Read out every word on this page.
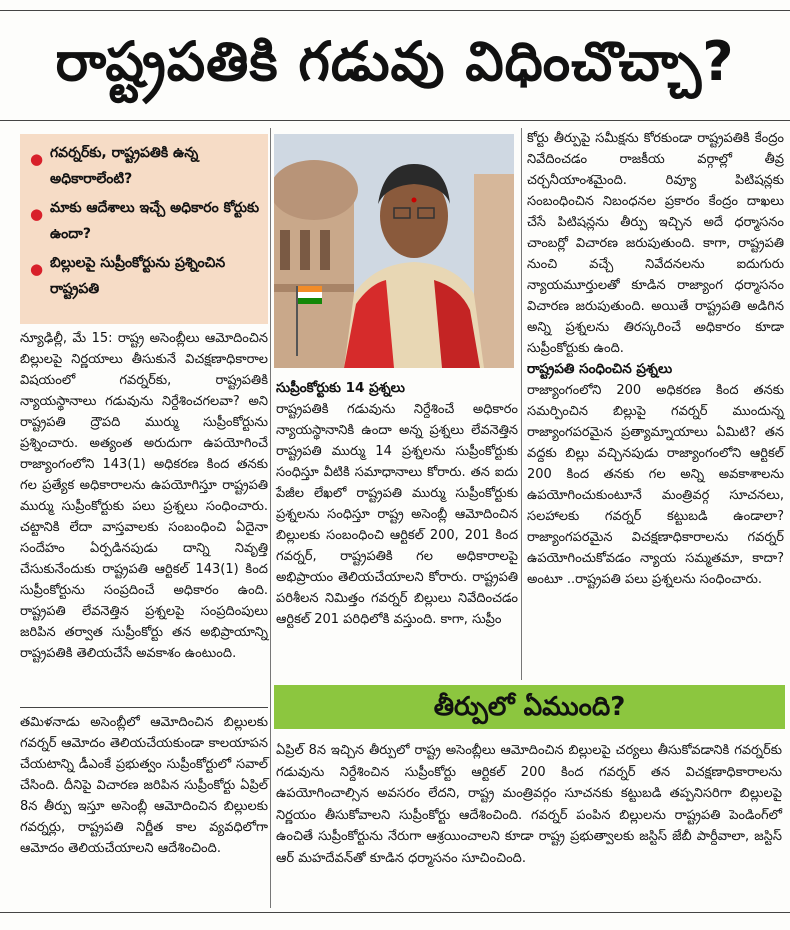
రాష్ట్రపతికి గడువు విధించొచ్చా?
● గవర్నర్‌కు, రాష్ట్రపతికి ఉన్న అధికారాలేంటి?
● మాకు ఆదేశాలు ఇచ్చే అధికారం కోర్టుకు ఉందా?
● బిల్లులపై సుప్రీంకోర్టును ప్రశ్నించిన రాష్ట్రపతి

న్యూఢిల్లీ, మే 15: రాష్ట్ర అసెంబ్లీలు ఆమోదించిన బిల్లులపై నిర్ణయాలు తీసుకునే విచక్షణాధికారాల విషయంలో గవర్నర్‌కు, రాష్ట్రపతికి న్యాయస్థానాలు గడువును నిర్దేశించగలవా? అని రాష్ట్రపతి ద్రౌపది ముర్ము సుప్రీంకోర్టును ప్రశ్నించారు. అత్యంత అరుదుగా ఉపయోగించే రాజ్యాంగంలోని 143(1) అధికరణ కింద తనకు గల ప్రత్యేక అధికారాలను ఉపయోగిస్తూ రాష్ట్రపతి ముర్ము సుప్రీంకోర్టుకు పలు ప్రశ్నలు సంధించారు. చట్టానికి లేదా వాస్తవాలకు సంబంధించి ఏదైనా సందేహం ఏర్పడినపుడు దాన్ని నివృత్తి చేసుకునేందుకు రాష్ట్రపతి ఆర్టికల్ 143(1) కింద సుప్రీంకోర్టును సంప్రదించే అధికారం ఉంది. రాష్ట్రపతి లేవనెత్తిన ప్రశ్నలపై సంప్రదింపులు జరిపిన తర్వాత సుప్రీంకోర్టు తన అభిప్రాయాన్ని రాష్ట్రపతికి తెలియచేసే అవకాశం ఉంటుంది.

తమిళనాడు అసెంబ్లీలో ఆమోదించిన బిల్లులకు గవర్నర్ ఆమోదం తెలియచేయకుండా కాలయాపన చేయటాన్ని డీఎంకే ప్రభుత్వం సుప్రీంకోర్టులో సవాల్ చేసింది. దీనిపై విచారణ జరిపిన సుప్రీంకోర్టు ఏప్రిల్ 8న తీర్పు ఇస్తూ అసెంబ్లీ ఆమోదించిన బిల్లులకు గవర్నర్లు, రాష్ట్రపతి నిర్ణీత కాల వ్యవధిలోగా ఆమోదం తెలియచేయాలని ఆదేశించింది.

సుప్రీంకోర్టుకు 14 ప్రశ్నలు

రాష్ట్రపతికి గడువును నిర్దేశించే అధికారం న్యాయస్థానానికి ఉందా అన్న ప్రశ్నలు లేవనెత్తిన రాష్ట్రపతి ముర్ము 14 ప్రశ్నలను సుప్రీంకోర్టుకు సంధిస్తూ వీటికి సమాధానాలు కోరారు. తన ఐదు పేజీల లేఖలో రాష్ట్రపతి ముర్ము సుప్రీంకోర్టుకు ప్రశ్నలను సంధిస్తూ రాష్ట్ర అసెంబ్లీ ఆమోదించిన బిల్లులకు సంబంధించి ఆర్టికల్ 200, 201 కింద గవర్నర్, రాష్ట్రపతికి గల అధికారాలపై అభిప్రాయం తెలియచేయాలని కోరారు. రాష్ట్రపతి పరిశీలన నిమిత్తం గవర్నర్ బిల్లులు నివేదించడం ఆర్టికల్ 201 పరిధిలోకి వస్తుంది. కాగా, సుప్రీం

కోర్టు తీర్పుపై సమీక్షను కోరకుండా రాష్ట్రపతికి కేంద్రం నివేదించడం రాజకీయ వర్గాల్లో తీవ్ర చర్చనీయాంశమైంది. రివ్యూ పిటిషన్లకు సంబంధించిన నిబంధనల ప్రకారం కేంద్రం దాఖలు చేసే పిటిషన్లను తీర్పు ఇచ్చిన అదే ధర్మాసనం చాంబర్లో విచారణ జరుపుతుంది. కాగా, రాష్ట్రపతి నుంచి వచ్చే నివేదనలను ఐదుగురు న్యాయమూర్తులతో కూడిన రాజ్యాంగ ధర్మాసనం విచారణ జరుపుతుంది. అయితే రాష్ట్రపతి అడిగిన అన్ని ప్రశ్నలను తిరస్కరించే అధికారం కూడా సుప్రీంకోర్టుకు ఉంది.

రాష్ట్రపతి సంధించిన ప్రశ్నలు

రాజ్యాంగంలోని 200 అధికరణ కింద తనకు సమర్పించిన బిల్లుపై గవర్నర్ ముందున్న రాజ్యాంగపరమైన ప్రత్యామ్నాయాలు ఏమిటి? తన వద్దకు బిల్లు వచ్చినపుడు రాజ్యాంగంలోని ఆర్టికల్ 200 కింద తనకు గల అన్ని అవకాశాలను ఉపయోగించుకుంటూనే మంత్రివర్గ సూచనలు, సలహాలకు గవర్నర్ కట్టుబడి ఉండాలా? రాజ్యాంగపరమైన విచక్షణాధికారాలను గవర్నర్ ఉపయోగించుకోవడం న్యాయ సమ్మతమా, కాదా? అంటూ ..రాష్ట్రపతి పలు ప్రశ్నలను సంధించారు.

తీర్పులో ఏముంది?
ఏప్రిల్ 8న ఇచ్చిన తీర్పులో రాష్ట్ర అసెంబ్లీలు ఆమోదించిన బిల్లులపై చర్యలు తీసుకోవడానికి గవర్నర్‌కు గడువును నిర్దేశించిన సుప్రీంకోర్టు ఆర్టికల్ 200 కింద గవర్నర్ తన విచక్షణాధికారాలను ఉపయోగించాల్సిన అవసరం లేదని, రాష్ట్ర మంత్రివర్గం సూచనకు కట్టుబడి తప్పనిసరిగా బిల్లులపై నిర్ణయం తీసుకోవాలని సుప్రీంకోర్టు ఆదేశించింది. గవర్నర్ పంపిన బిల్లులను రాష్ట్రపతి పెండింగ్‌లో ఉంచితే సుప్రీంకోర్టును నేరుగా ఆశ్రయించాలని కూడా రాష్ట్ర ప్రభుత్వాలకు జస్టిస్ జేబీ పార్దీవాలా, జస్టిస్ ఆర్ మహదేవన్‌తో కూడిన ధర్మాసనం సూచించింది.
